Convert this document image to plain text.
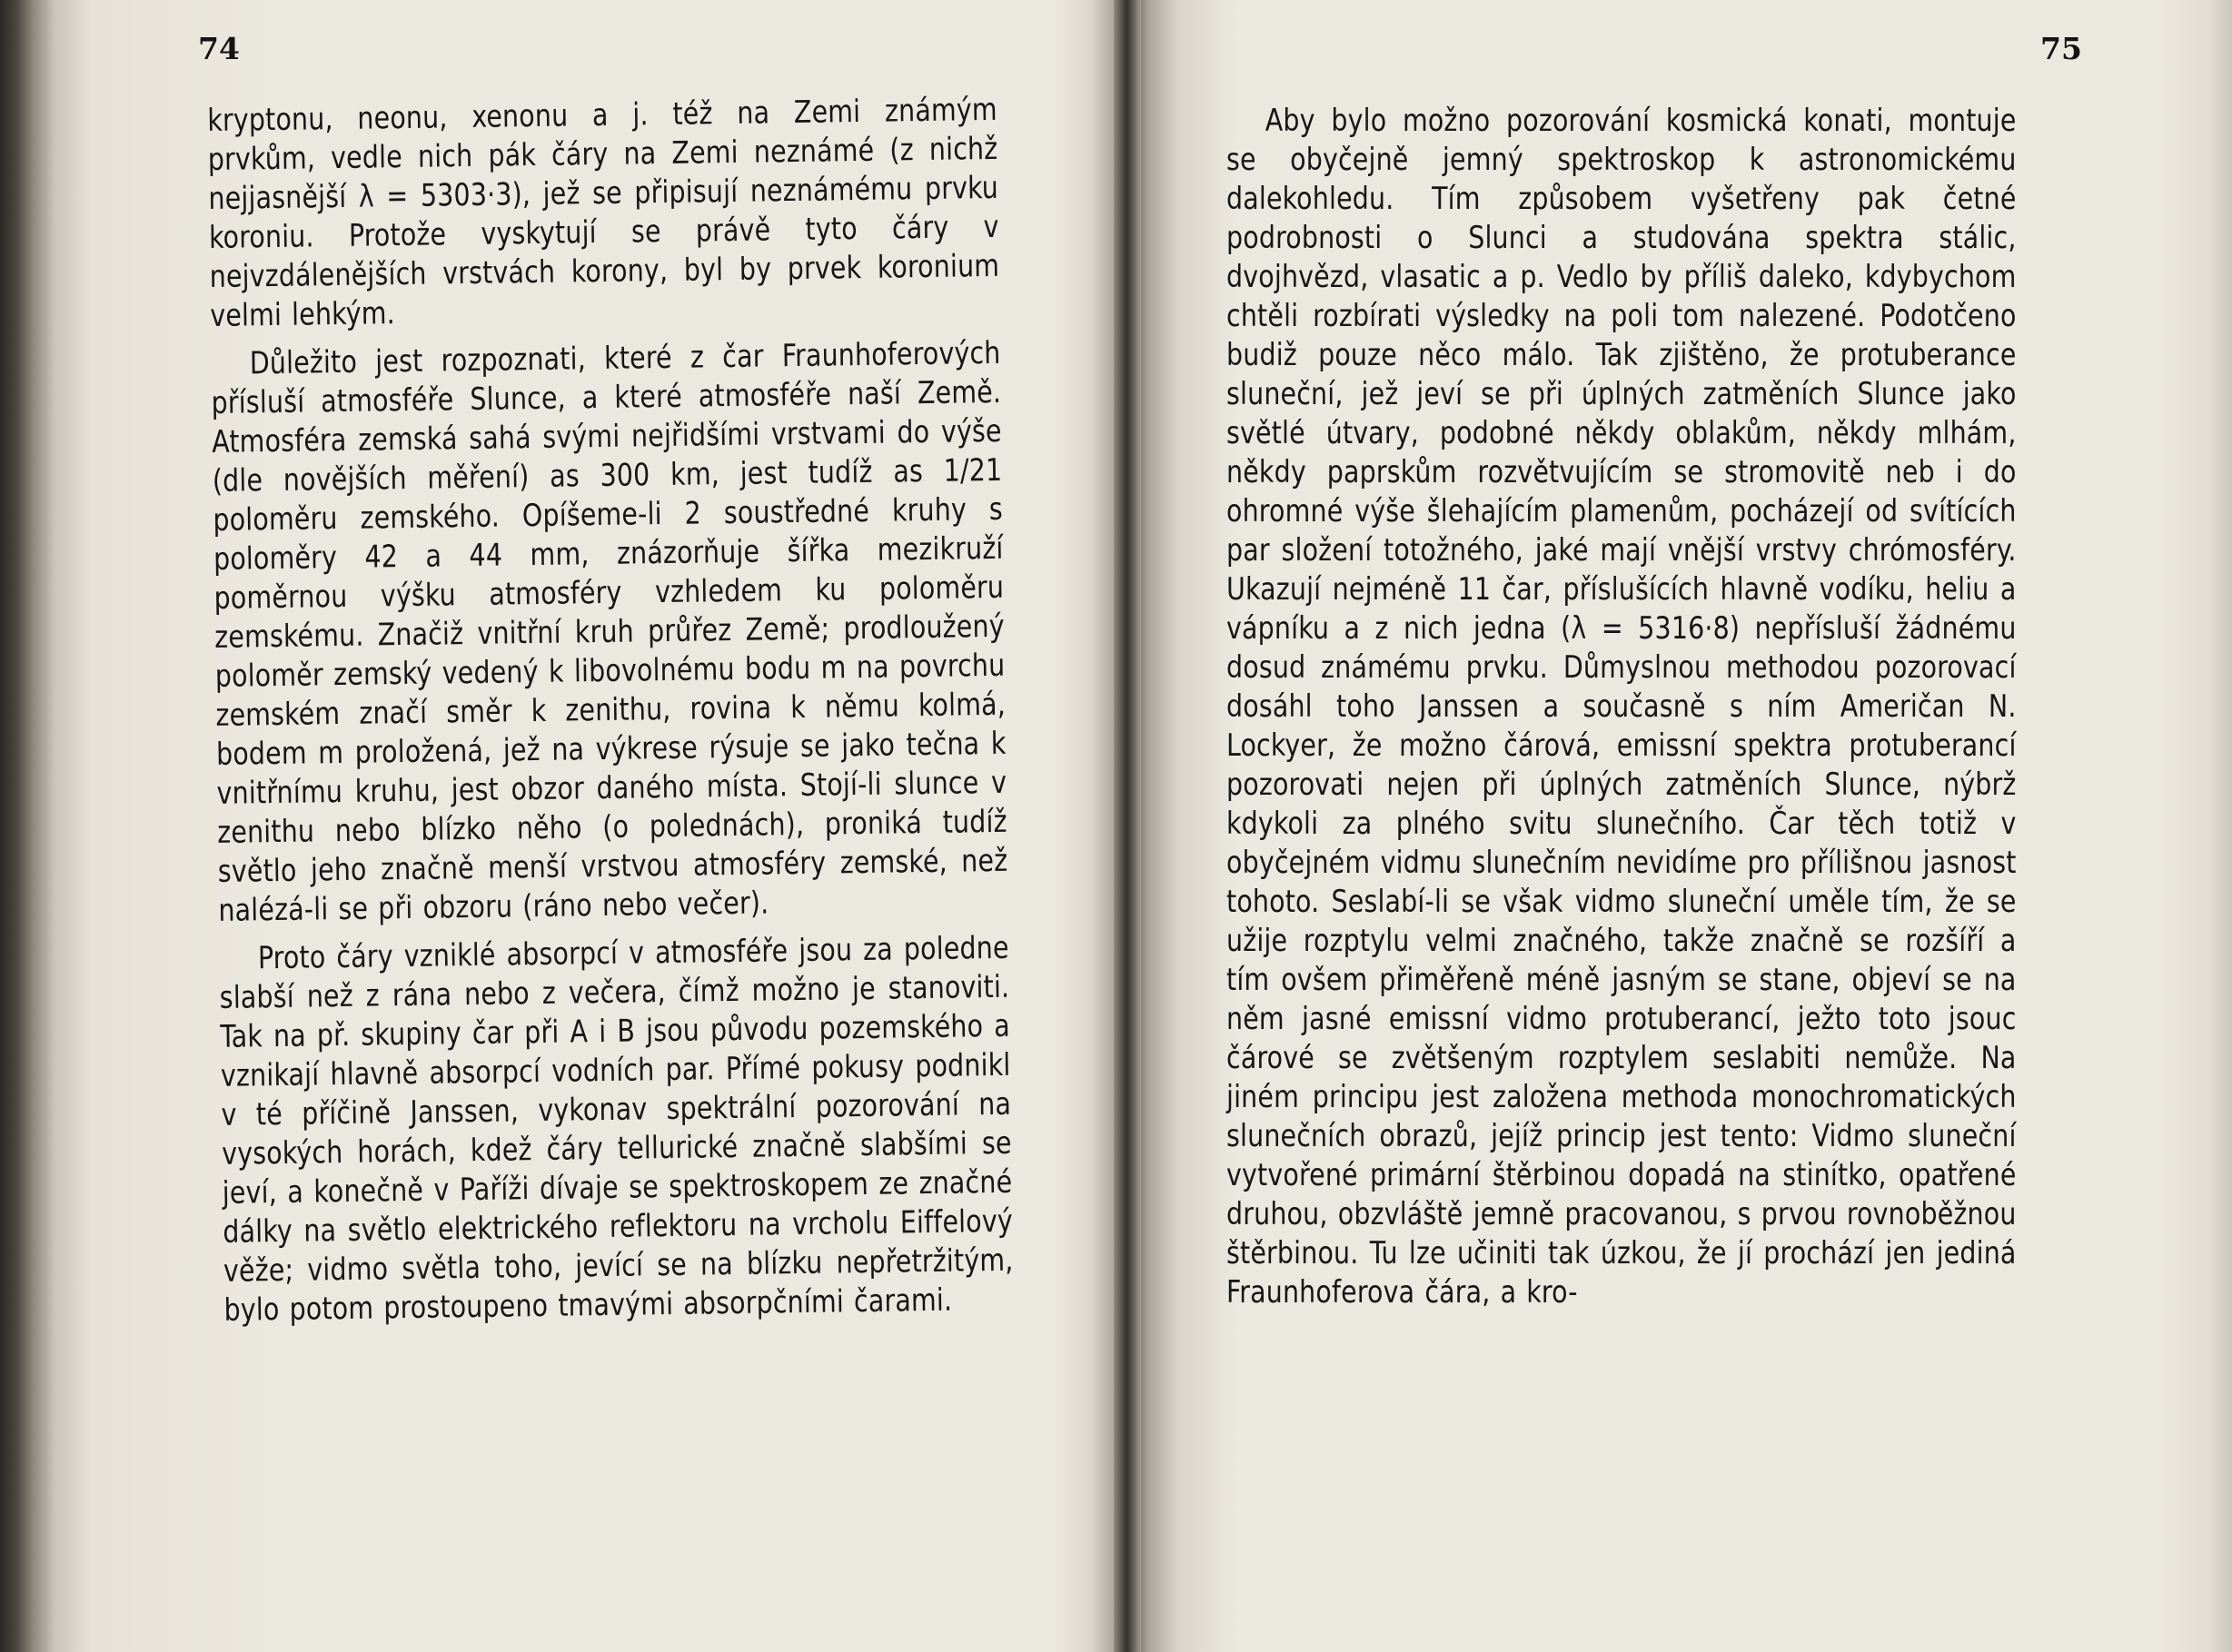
74	75

kryptonu, neonu, xenonu a j. též na Zemi známým prvkům, vedle nich pák čáry na Zemi neznámé (z nichž nejjasnější λ = 5303·3), jež se připisují neznámému prvku koroniu. Protože vyskytují se právě tyto čáry v nejvzdálenějších vrstvách korony, byl by prvek koronium velmi lehkým.

Důležito jest rozpoznati, které z čar Fraunhoferových přísluší atmosféře Slunce, a které atmosféře naší Země. Atmosféra zemská sahá svými nejřidšími vrstvami do výše (dle novějších měření) as 300 km, jest tudíž as 1/21 poloměru zemského. Opíšeme-li 2 soustředné kruhy s poloměry 42 a 44 mm, znázorňuje šířka mezikruží poměrnou výšku atmosféry vzhledem ku poloměru zemskému. Značiž vnitřní kruh průřez Země; prodloužený poloměr zemský vedený k libovolnému bodu m na povrchu zemském značí směr k zenithu, rovina k němu kolmá, bodem m proložená, jež na výkrese rýsuje se jako tečna k vnitřnímu kruhu, jest obzor daného místa. Stojí-li slunce v zenithu nebo blízko něho (o polednách), proniká tudíž světlo jeho značně menší vrstvou atmosféry zemské, než nalézá-li se při obzoru (ráno nebo večer).

Proto čáry vzniklé absorpcí v atmosféře jsou za poledne slabší než z rána nebo z večera, čímž možno je stanoviti. Tak na př. skupiny čar při A i B jsou původu pozemského a vznikají hlavně absorpcí vodních par. Přímé pokusy podnikl v té příčině Janssen, vykonav spektrální pozorování na vysokých horách, kdež čáry tellurické značně slabšími se jeví, a konečně v Paříži dívaje se spektroskopem ze značné dálky na světlo elektrického reflektoru na vrcholu Eiffelový věže; vidmo světla toho, jevící se na blízku nepřetržitým, bylo potom prostoupeno tmavými absorpčními čarami.

Aby bylo možno pozorování kosmická konati, montuje se obyčejně jemný spektroskop k astronomickému dalekohledu. Tím způsobem vyšetřeny pak četné podrobnosti o Slunci a studována spektra stálic, dvojhvězd, vlasatic a p. Vedlo by příliš daleko, kdybychom chtěli rozbírati výsledky na poli tom nalezené. Podotčeno budiž pouze něco málo. Tak zjištěno, že protuberance sluneční, jež jeví se při úplných zatměních Slunce jako světlé útvary, podobné někdy oblakům, někdy mlhám, někdy paprskům rozvětvujícím se stromovitě neb i do ohromné výše šlehajícím plamenům, pocházejí od svítících par složení totožného, jaké mají vnější vrstvy chrómosféry. Ukazují nejméně 11 čar, příslušících hlavně vodíku, heliu a vápníku a z nich jedna (λ = 5316·8) nepřísluší žádnému dosud známému prvku. Důmyslnou methodou pozorovací dosáhl toho Janssen a současně s ním Američan N. Lockyer, že možno čárová, emissní spektra protuberancí pozorovati nejen při úplných zatměních Slunce, nýbrž kdykoli za plného svitu slunečního. Čar těch totiž v obyčejném vidmu slunečním nevidíme pro přílišnou jasnost tohoto. Seslabí-li se však vidmo sluneční uměle tím, že se užije rozptylu velmi značného, takže značně se rozšíří a tím ovšem přiměřeně méně jasným se stane, objeví se na něm jasné emissní vidmo protuberancí, ježto toto jsouc čárové se zvětšeným rozptylem seslabiti nemůže. Na jiném principu jest založena methoda monochromatických slunečních obrazů, jejíž princip jest tento: Vidmo sluneční vytvořené primární štěrbinou dopadá na stinítko, opatřené druhou, obzvláště jemně pracovanou, s prvou rovnoběžnou štěrbinou. Tu lze učiniti tak úzkou, že jí prochází jen jediná Fraunhoferova čára, a kro-
